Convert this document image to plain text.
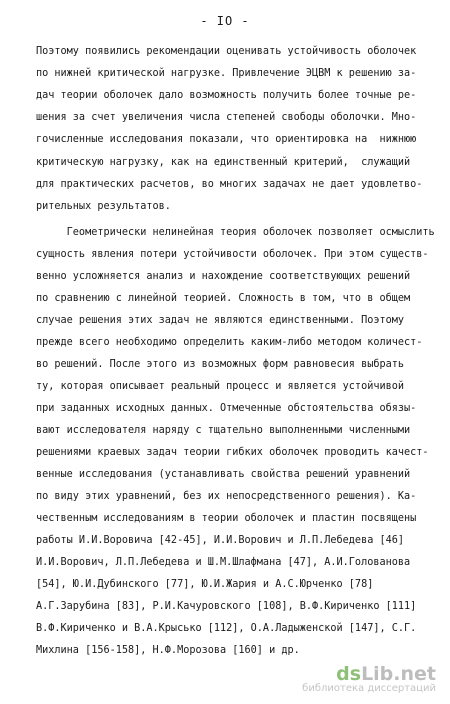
- IO -
Поэтому появились рекомендации оценивать устойчивость оболочек
по нижней критической нагрузке. Привлечение ЭЦВМ к решению за-
дач теории оболочек дало возможность получить более точные ре-
шения за счет увеличения числа степеней свободы оболочки. Мно-
гочисленные исследования показали, что ориентировка на  нижнюю
критическую нагрузку, как на единственный критерий,  служащий
для практических расчетов, во многих задачах не дает удовлетво-
рительных результатов.
Геометрически нелинейная теория оболочек позволяет осмыслить
сущность явления потери устойчивости оболочек. При этом существ-
венно усложняется анализ и нахождение соответствующих решений
по сравнению с линейной теорией. Сложность в том, что в общем
случае решения этих задач не являются единственными. Поэтому
прежде всего необходимо определить каким-либо методом количест-
во решений. После этого из возможных форм равновесия выбрать
ту, которая описывает реальный процесс и является устойчивой
при заданных исходных данных. Отмеченные обстоятельства обязы-
вают исследователя наряду с тщательно выполненными численными
решениями краевых задач теории гибких оболочек проводить качест-
венные исследования (устанавливать свойства решений уравнений
по виду этих уравнений, без их непосредственного решения). Ка-
чественным исследованиям в теории оболочек и пластин посвящены
работы И.И.Воровича [42-45], И.И.Ворович и Л.П.Лебедева [46]
И.И.Ворович, Л.П.Лебедева и Ш.М.Шлафмана [47], А.И.Голованова
[54], Ю.И.Дубинского [77], Ю.И.Жария и А.С.Юрченко [78]
А.Г.Зарубина [83], Р.И.Качуровского [108], В.Ф.Кириченко [111]
В.Ф.Кириченко и В.А.Крысько [112], О.А.Ладыженской [147], С.Г.
Михлина [156-158], Н.Ф.Морозова [160] и др.
dsLib.net
библиотека диссертаций
